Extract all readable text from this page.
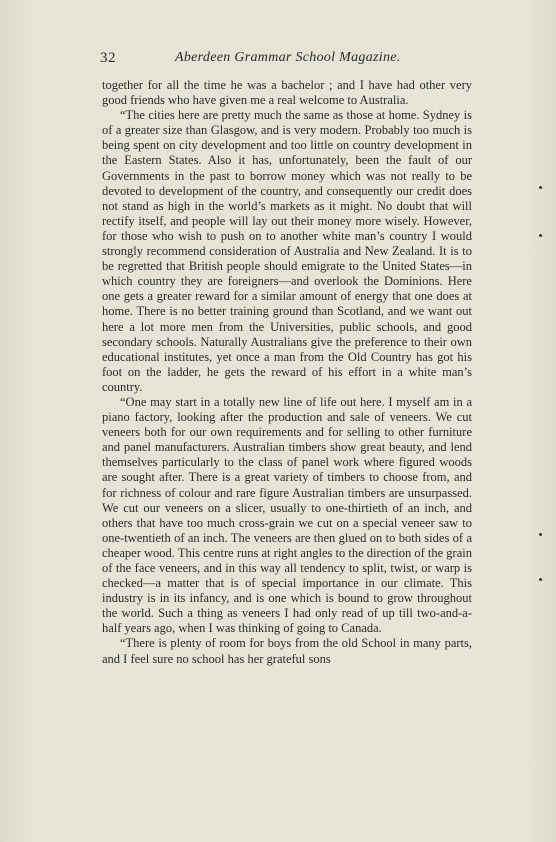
32	Aberdeen Grammar School Magazine.

together for all the time he was a bachelor ; and I have had other very good friends who have given me a real welcome to Australia.

“The cities here are pretty much the same as those at home. Sydney is of a greater size than Glasgow, and is very modern. Probably too much is being spent on city development and too little on country development in the Eastern States. Also it has, unfortunately, been the fault of our Governments in the past to borrow money which was not really to be devoted to development of the country, and consequently our credit does not stand as high in the world’s markets as it might. No doubt that will rectify itself, and people will lay out their money more wisely. However, for those who wish to push on to another white man’s country I would strongly recommend consideration of Australia and New Zealand. It is to be regretted that British people should emigrate to the United States—in which country they are foreigners—and overlook the Dominions. Here one gets a greater reward for a similar amount of energy that one does at home. There is no better training ground than Scotland, and we want out here a lot more men from the Universities, public schools, and good secondary schools. Naturally Australians give the preference to their own educational institutes, yet once a man from the Old Country has got his foot on the ladder, he gets the reward of his effort in a white man’s country.

“One may start in a totally new line of life out here. I myself am in a piano factory, looking after the production and sale of veneers. We cut veneers both for our own requirements and for selling to other furniture and panel manufacturers. Australian timbers show great beauty, and lend themselves particularly to the class of panel work where figured woods are sought after. There is a great variety of timbers to choose from, and for richness of colour and rare figure Australian timbers are unsurpassed. We cut our veneers on a slicer, usually to one-thirtieth of an inch, and others that have too much cross-grain we cut on a special veneer saw to one-twentieth of an inch. The veneers are then glued on to both sides of a cheaper wood. This centre runs at right angles to the direction of the grain of the face veneers, and in this way all tendency to split, twist, or warp is checked—a matter that is of special importance in our climate. This industry is in its infancy, and is one which is bound to grow throughout the world. Such a thing as veneers I had only read of up till two-and-a-half years ago, when I was thinking of going to Canada.

“There is plenty of room for boys from the old School in many parts, and I feel sure no school has her grateful sons
